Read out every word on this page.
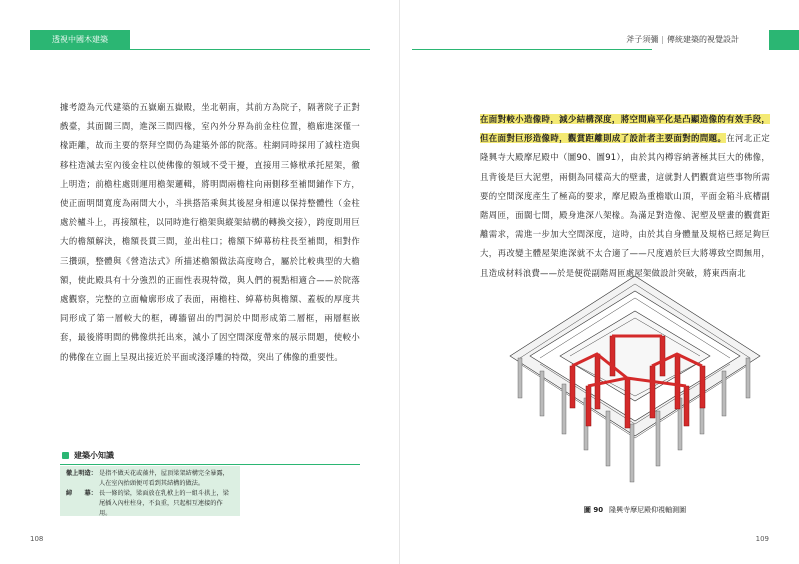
透視中國木建築
據考證為元代建築的五嶽廟五嶽殿，坐北朝南，其前方為院子，隔著院子正對戲臺，其面闊三間，進深三間四椽，室內外分界為前金柱位置，檐廊進深僅一椽距離，故而主要的祭拜空間仍為建築外部的院落。柱網同時採用了減柱造與移柱造減去室內後金柱以使佛像的領域不受干擾，直接用三條栿承托屋架，徹上明造；前檐柱處則運用檐架邏輯，將明間兩檐柱向兩側移至補間鋪作下方，使正面明間寬度為兩間大小，斗拱搭箔乘與其後屋身相連以保持整體性（金柱處於櫨斗上，再接額柱，以同時進行檐架與縱架結構的轉換交接），跨度則用巨大的檐額解決，檐額長貫三間，並出柱口；檐額下綽幕枋柱長至補間，相對作三攢頭，整體與《營造法式》所描述檐額做法高度吻合，屬於比較典型的大檐額，使此殿具有十分強烈的正面性表現特徵，與人們的視點相適合——於院落處觀察，完整的立面輪廓形成了表面，兩檐柱、綽幕枋與檐額、蓋板的厚度共同形成了第一層較大的框，磚牆留出的門洞於中間形成第二層框，兩層框嵌套，最後將明間的佛像烘托出來，減小了因空間深度帶來的展示問題，使較小的佛像在立面上呈現出接近於平面或淺浮雕的特徵，突出了佛像的重要性。
建築小知識
徹上明造： 是指不做天花或藻井，屋頂梁架結構完全暴露，人在室內抬頭便可看到其結構的做法。
綽　　幕： 長一條的梁，梁面放在乳栿上的一組斗拱上，梁尾插入內柱柱身，不負重，只起相互連接的作用。
108
斧子須彌 | 傳統建築的視覺設計
在面對較小造像時，減少結構深度，將空間扁平化是凸顯造像的有效手段，但在面對巨形造像時，觀賞距離則成了設計者主要面對的問題。在河北正定隆興寺大殿摩尼殿中（圖90、圖91），由於其內樽容納著極其巨大的佛像，且背後是巨大泥塑，兩側為同樣高大的壁畫，這就對人們觀賞這些事物所需要的空間深度產生了極高的要求，摩尼殿為重檐歇山頂，平面金箱斗底槽副階周匝，面闊七間，殿身進深八架椽。為滿足對造像、泥塑及壁畫的觀賞距離需求，需進一步加大空間深度，這時，由於其自身體量及規格已經足夠巨大，再改變主體屋架進深就不太合適了——尺度過於巨大將導致空間無用，且造成材料浪費——於是便從副階周匝處屋架做設計突破，將東西南北
109
圖 90 隆興寺摩尼殿仰視軸測圖
